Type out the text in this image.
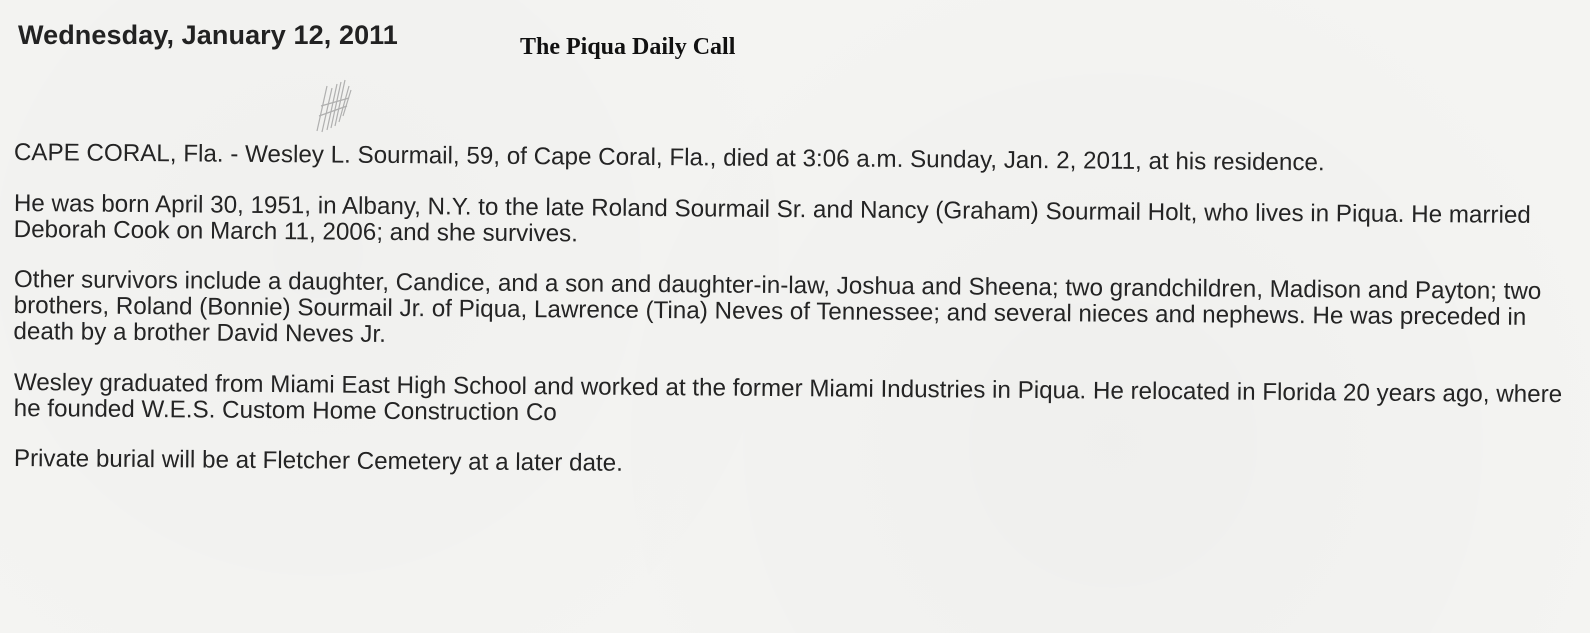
Wednesday, January 12, 2011	The Piqua Daily Call

CAPE CORAL, Fla. - Wesley L. Sourmail, 59, of Cape Coral, Fla., died at 3:06 a.m. Sunday, Jan. 2, 2011, at his residence.

He was born April 30, 1951, in Albany, N.Y. to the late Roland Sourmail Sr. and Nancy (Graham) Sourmail Holt, who lives in Piqua. He married Deborah Cook on March 11, 2006; and she survives.

Other survivors include a daughter, Candice, and a son and daughter-in-law, Joshua and Sheena; two grandchildren, Madison and Payton; two brothers, Roland (Bonnie) Sourmail Jr. of Piqua, Lawrence (Tina) Neves of Tennessee; and several nieces and nephews. He was preceded in death by a brother David Neves Jr.

Wesley graduated from Miami East High School and worked at the former Miami Industries in Piqua. He relocated in Florida 20 years ago, where he founded W.E.S. Custom Home Construction Co

Private burial will be at Fletcher Cemetery at a later date.
